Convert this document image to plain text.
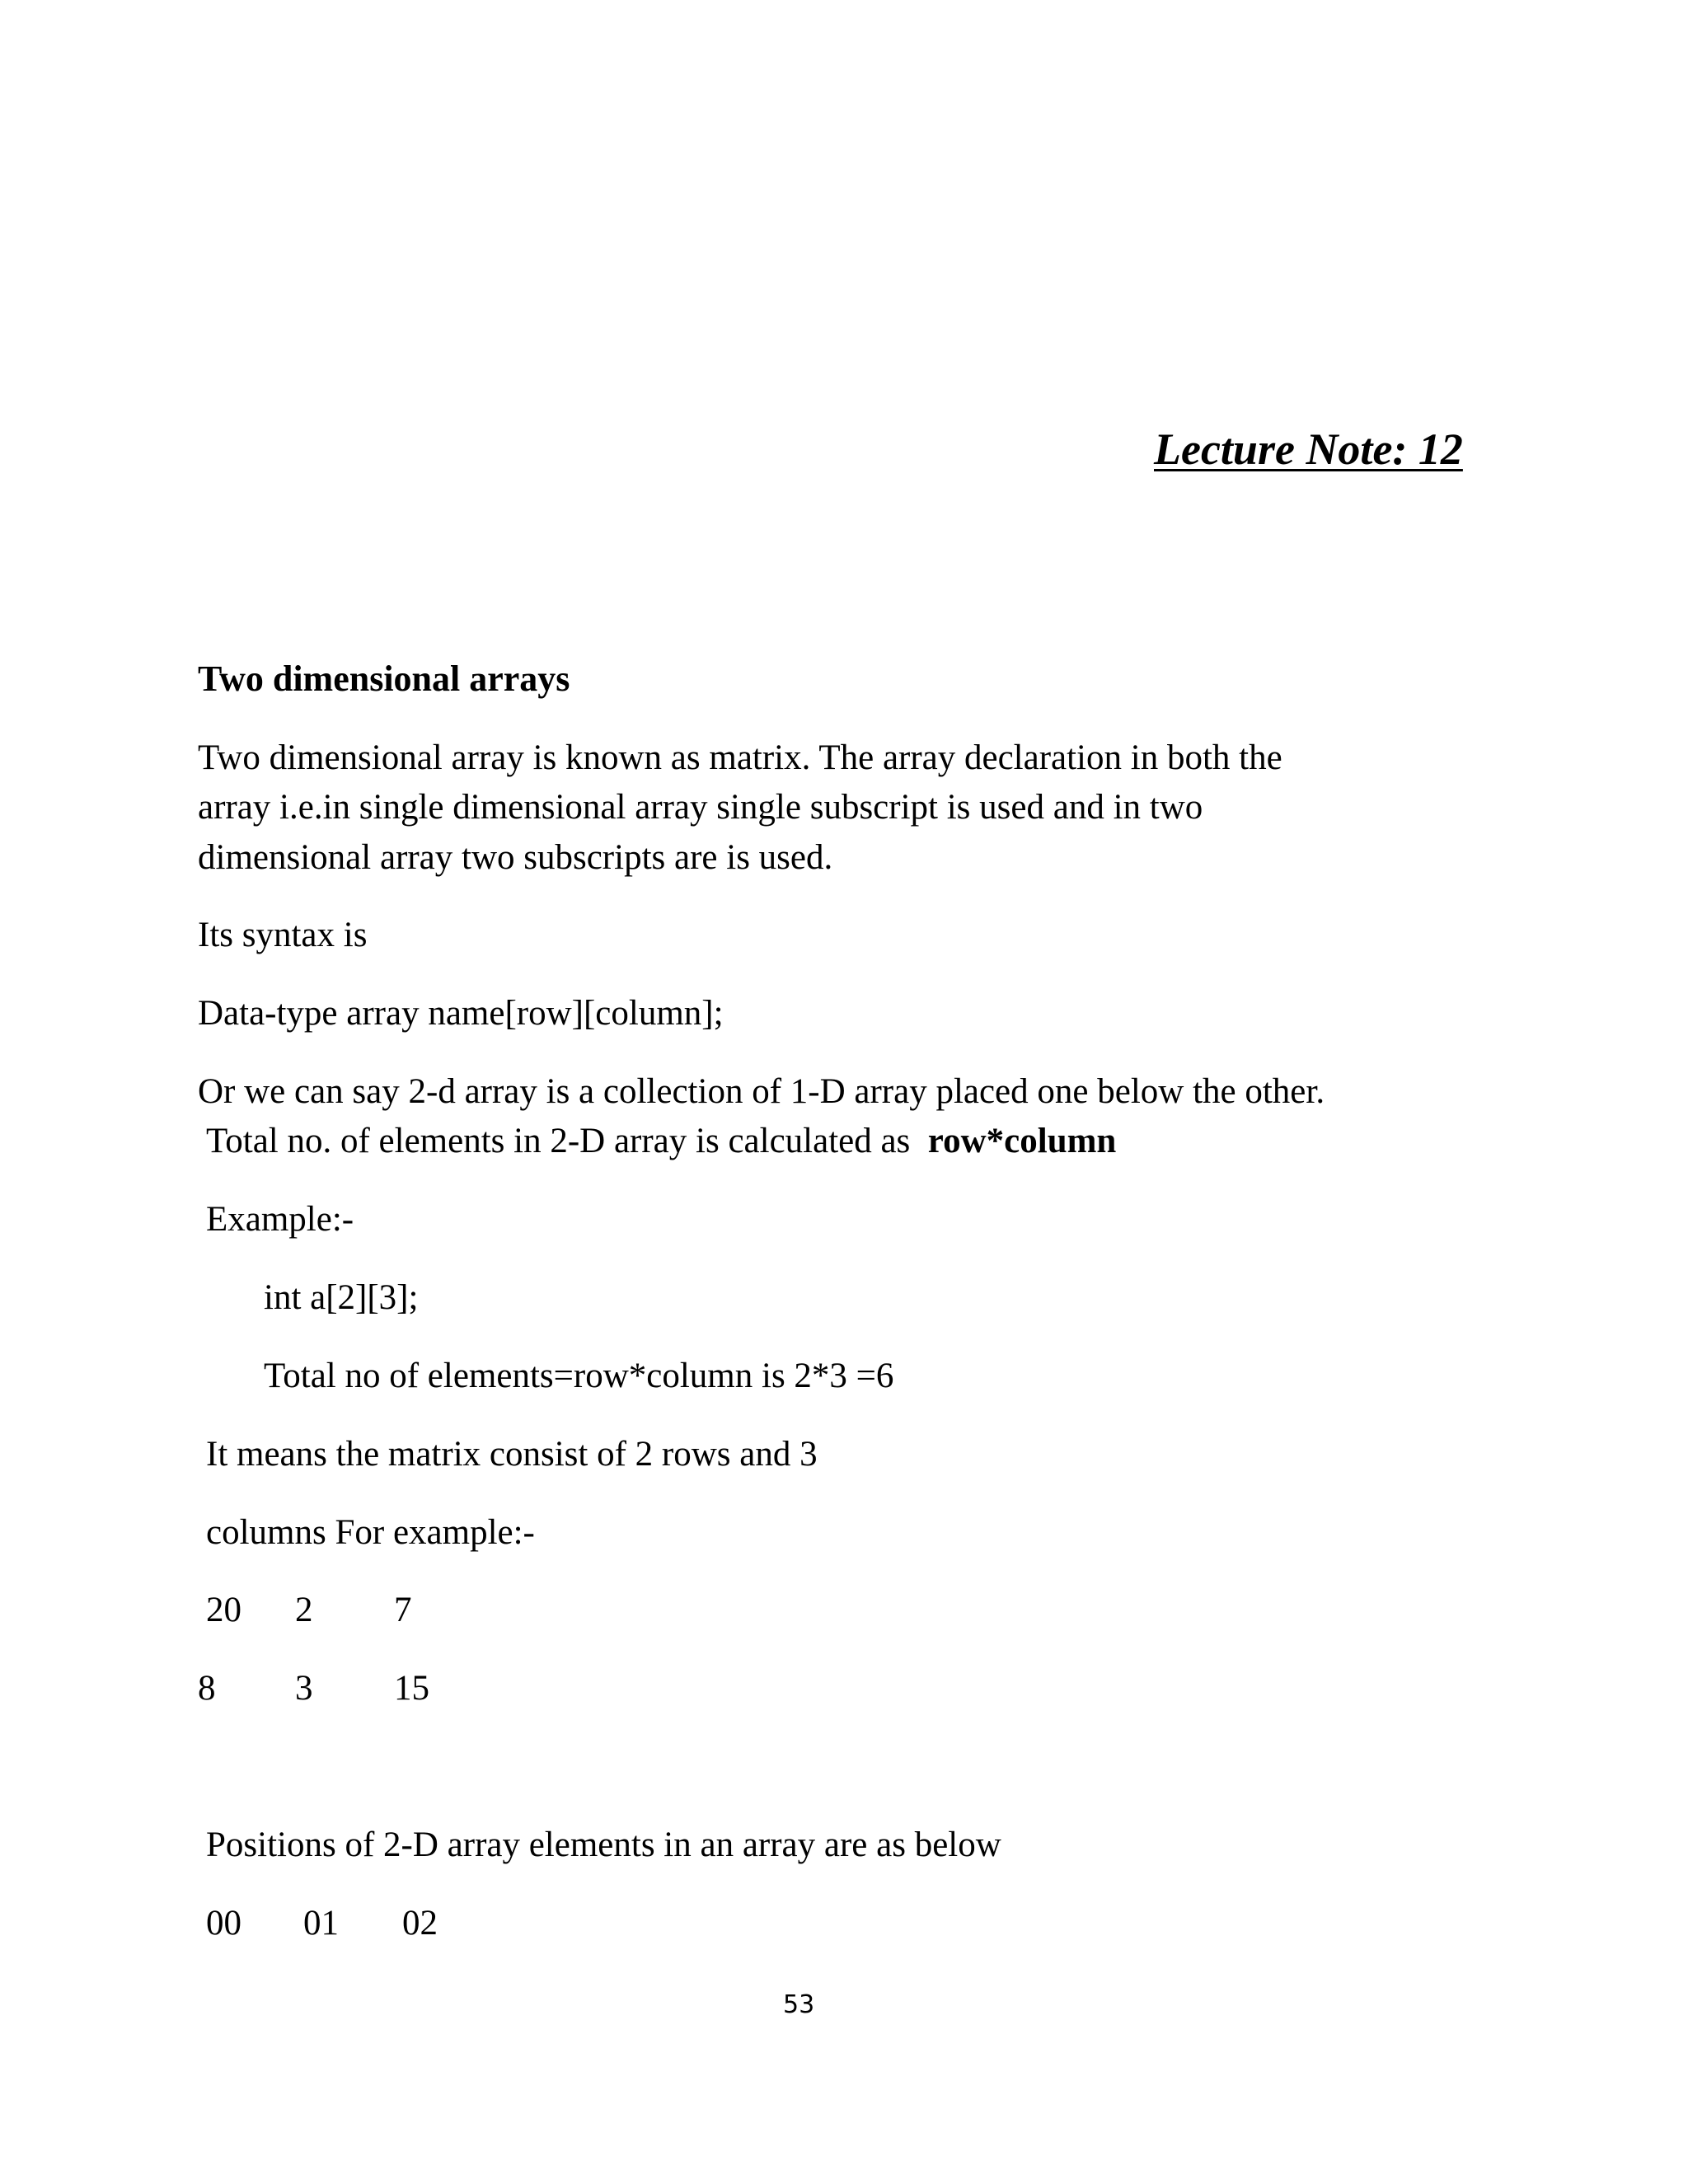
Lecture Note: 12
Two dimensional arrays
Two dimensional array is known as matrix. The array declaration in both the
array i.e.in single dimensional array single subscript is used and in two
dimensional array two subscripts are is used.
Its syntax is
Data-type array name[row][column];
Or we can say 2-d array is a collection of 1-D array placed one below the other.
Total no. of elements in 2-D array is calculated as row*column
Example:-
int a[2][3];
Total no of elements=row*column is 2*3 =6
It means the matrix consist of 2 rows and 3
columns For example:-
20 2 7
8 3 15
Positions of 2-D array elements in an array are as below
00 01 02
53
